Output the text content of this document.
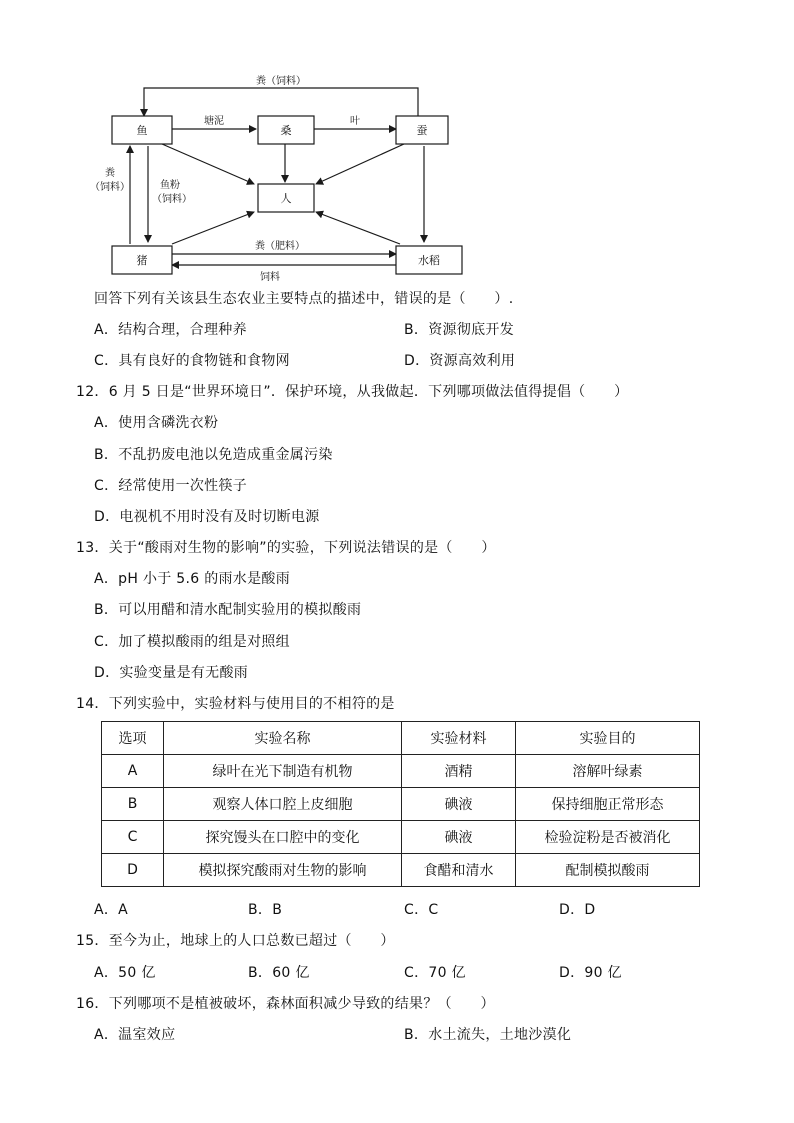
粪（饲料）
塘泥	叶
粪
（饲料）	鱼粉
（饲料）
粪（肥料）
饲料
鱼	桑	蚕
人
猪	水稻
回答下列有关该县生态农业主要特点的描述中，错误的是（　　）.
A．结构合理，合理种养	B．资源彻底开发
C．具有良好的食物链和食物网	D．资源高效利用
12．6 月 5 日是“世界环境日”．保护环境，从我做起．下列哪项做法值得提倡（　　）
A．使用含磷洗衣粉
B．不乱扔废电池以免造成重金属污染
C．经常使用一次性筷子
D．电视机不用时没有及时切断电源
13．关于“酸雨对生物的影响”的实验，下列说法错误的是（　　）
A．pH 小于 5.6 的雨水是酸雨
B．可以用醋和清水配制实验用的模拟酸雨
C．加了模拟酸雨的组是对照组
D．实验变量是有无酸雨
14．下列实验中，实验材料与使用目的不相符的是
选项	实验名称	实验材料	实验目的
A	绿叶在光下制造有机物	酒精	溶解叶绿素
B	观察人体口腔上皮细胞	碘液	保持细胞正常形态
C	探究馒头在口腔中的变化	碘液	检验淀粉是否被消化
D	模拟探究酸雨对生物的影响	食醋和清水	配制模拟酸雨
A．A	B．B	C．C	D．D
15．至今为止，地球上的人口总数已超过（　　）
A．50 亿	B．60 亿	C．70 亿	D．90 亿
16．下列哪项不是植被破坏，森林面积减少导致的结果？（　　）
A．温室效应	B．水土流失，土地沙漠化
